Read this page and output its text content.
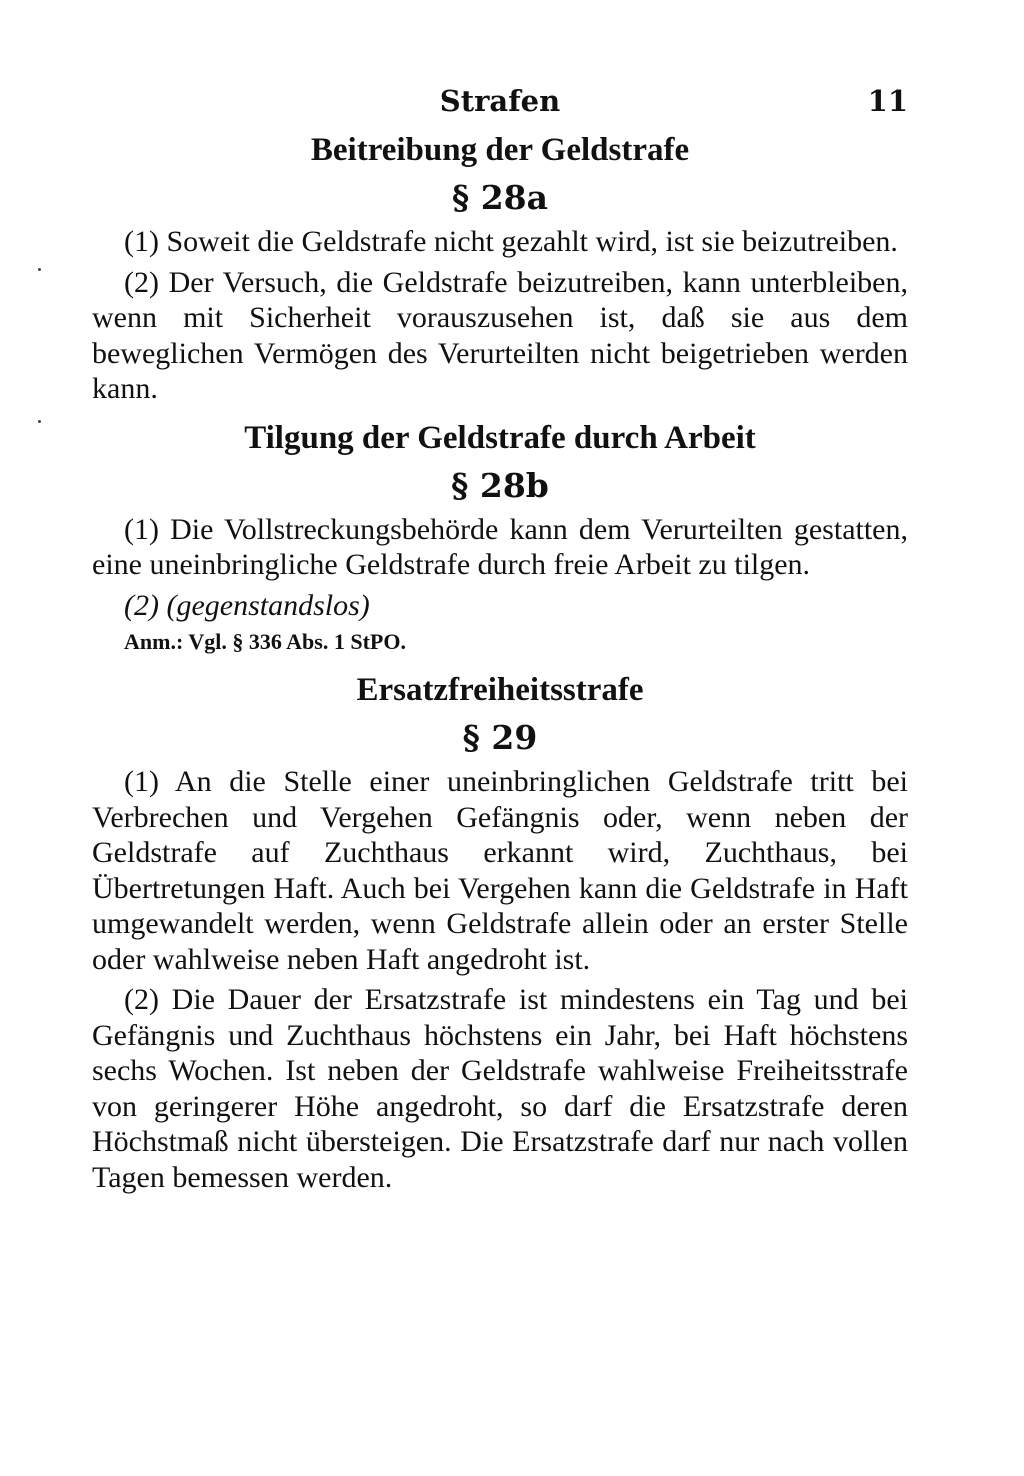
Strafen	11
Beitreibung der Geldstrafe
§ 28a

(1) Soweit die Geldstrafe nicht gezahlt wird, ist sie beizutreiben.

(2) Der Versuch, die Geldstrafe beizutreiben, kann unterbleiben, wenn mit Sicherheit vorauszusehen ist, daß sie aus dem beweglichen Vermögen des Verurteilten nicht beigetrieben werden kann.

Tilgung der Geldstrafe durch Arbeit
§ 28b

(1) Die Vollstreckungsbehörde kann dem Verurteilten gestatten, eine uneinbringliche Geldstrafe durch freie Arbeit zu tilgen.

(2) (gegenstandslos)

Anm.: Vgl. § 336 Abs. 1 StPO.
Ersatzfreiheitsstrafe
§ 29

(1) An die Stelle einer uneinbringlichen Geldstrafe tritt bei Verbrechen und Vergehen Gefängnis oder, wenn neben der Geldstrafe auf Zuchthaus erkannt wird, Zuchthaus, bei Übertretungen Haft. Auch bei Vergehen kann die Geldstrafe in Haft umgewandelt werden, wenn Geldstrafe allein oder an erster Stelle oder wahlweise neben Haft angedroht ist.

(2) Die Dauer der Ersatzstrafe ist mindestens ein Tag und bei Gefängnis und Zuchthaus höchstens ein Jahr, bei Haft höchstens sechs Wochen. Ist neben der Geldstrafe wahlweise Freiheitsstrafe von geringerer Höhe angedroht, so darf die Ersatzstrafe deren Höchstmaß nicht übersteigen. Die Ersatzstrafe darf nur nach vollen Tagen bemessen werden.
